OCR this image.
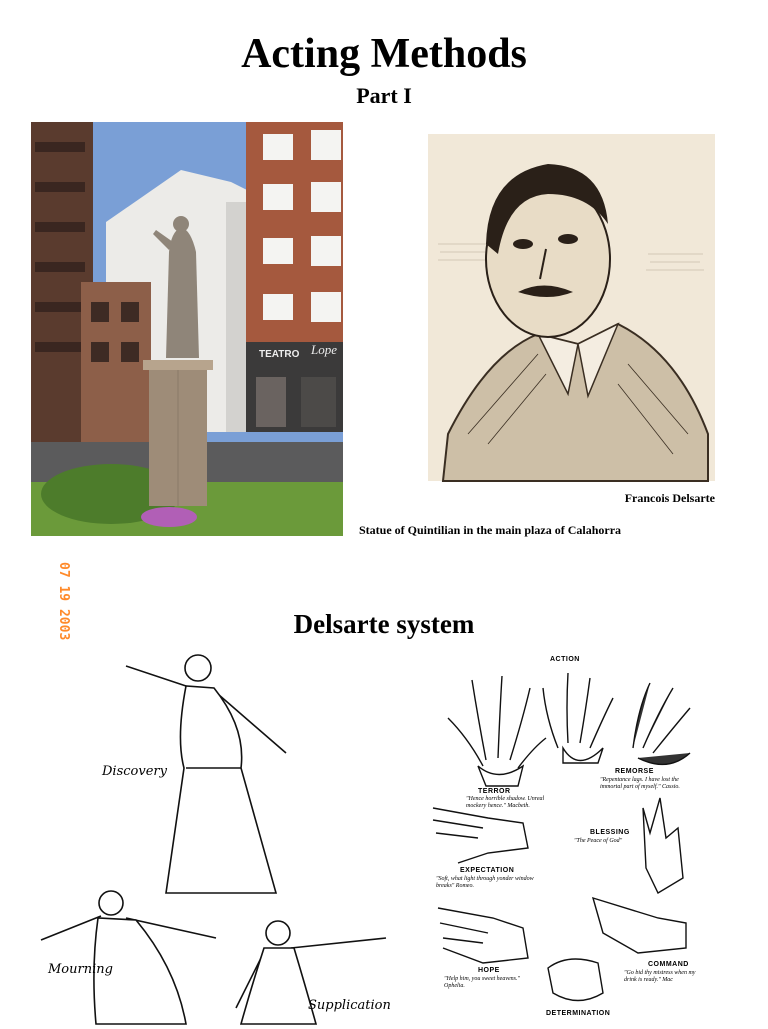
Acting Methods
Part I
TEATRO Lope
07 19 2003
Francois Delsarte
Statue of Quintilian in the main plaza of Calahorra
Delsarte system
Discovery
Mourning
Supplication
ACTION
TERROR
REMORSE
BLESSING
EXPECTATION
HOPE
COMMAND
DETERMINATION
"Hence horrible shadow. Unreal mockery hence." Macbeth.
"Repentance lags. I have lost the immortal part of myself." Cassio.
"The Peace of God"
"Soft, what light through yonder window breaks" Romeo.
"Help him, you sweet heavens." Ophelia.
"Go bid thy mistress when my drink is ready." Mac
